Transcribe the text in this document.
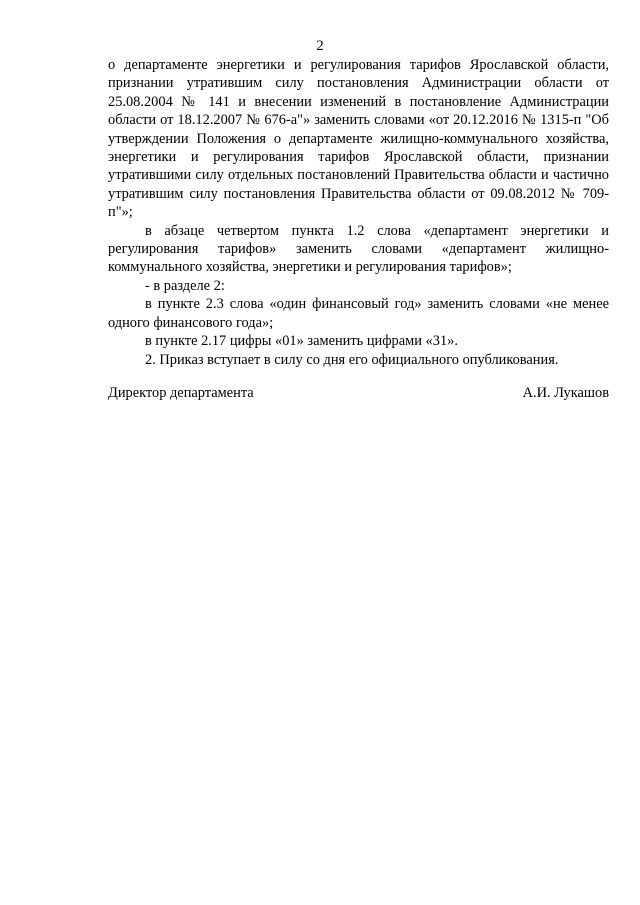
2

о департаменте энергетики и регулирования тарифов Ярославской области, признании утратившим силу постановления Администрации области от 25.08.2004 № 141 и внесении изменений в постановление Администрации области от 18.12.2007 № 676-а"» заменить словами «от 20.12.2016 № 1315-п "Об утверждении Положения о департаменте жилищно-коммунального хозяйства, энергетики и регулирования тарифов Ярославской области, признании утратившими силу отдельных постановлений Правительства области и частично утратившим силу постановления Правительства области от 09.08.2012 № 709-п"»;

в абзаце четвертом пункта 1.2 слова «департамент энергетики и регулирования тарифов» заменить словами «департамент жилищно-коммунального хозяйства, энергетики и регулирования тарифов»;

- в разделе 2:

в пункте 2.3 слова «один финансовый год» заменить словами «не менее одного финансового года»;

в пункте 2.17 цифры «01» заменить цифрами «31».

2. Приказ вступает в силу со дня его официального опубликования.

Директор департамента	А.И. Лукашов
